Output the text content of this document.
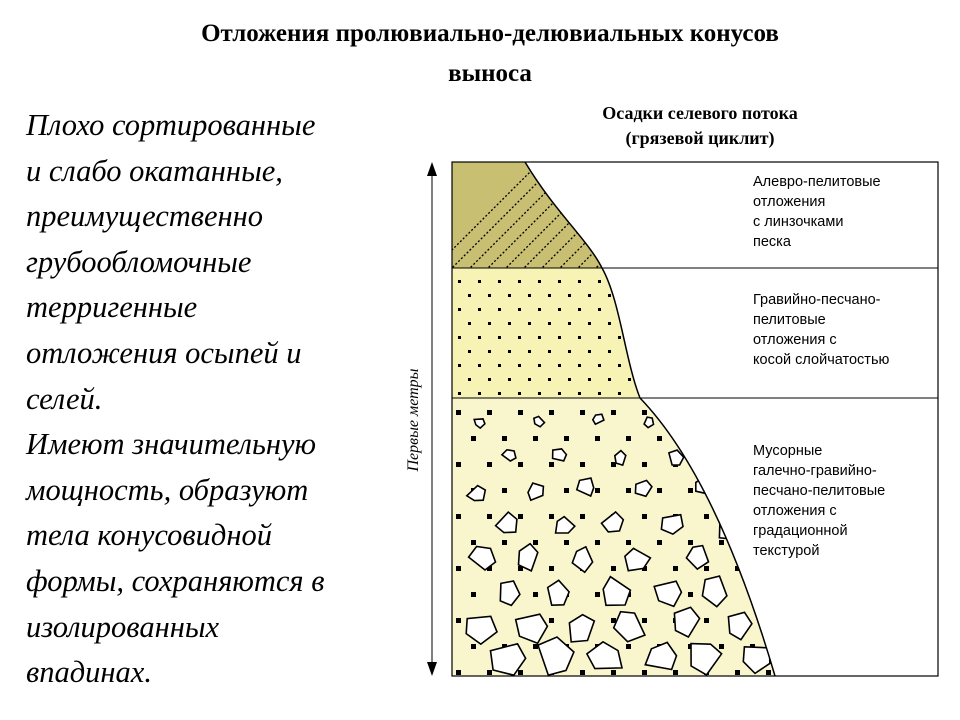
Отложения пролювиально-делювиальных конусов
выноса

Плохо сортированные
и слабо окатанные,
преимущественно
грубообломочные
терригенные
отложения осыпей и
селей.

Имеют значительную
мощность, образуют
тела конусовидной
формы, сохраняются в
изолированных
впадинах.

Осадки селевого потока
(грязевой циклит)
Первые метры
Алевро-пелитовые
отложения
с линзочками
песка
Гравийно-песчано-
пелитовые
отложения с
косой слойчатостью
Мусорные
галечно-гравийно-
песчано-пелитовые
отложения с
градационной
текстурой
